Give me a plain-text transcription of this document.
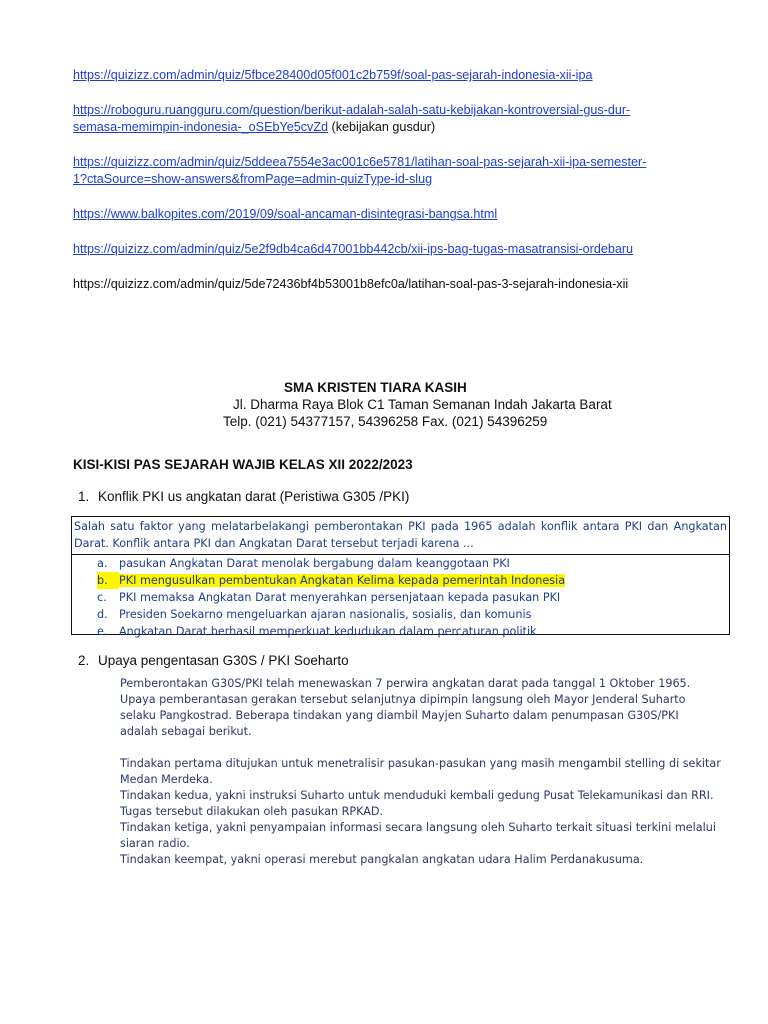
https://quizizz.com/admin/quiz/5fbce28400d05f001c2b759f/soal-pas-sejarah-indonesia-xii-ipa

https://roboguru.ruangguru.com/question/berikut-adalah-salah-satu-kebijakan-kontroversial-gus-dur-
semasa-memimpin-indonesia-_oSEbYe5cvZd (kebijakan gusdur)

https://quizizz.com/admin/quiz/5ddeea7554e3ac001c6e5781/latihan-soal-pas-sejarah-xii-ipa-semester-
1?ctaSource=show-answers&fromPage=admin-quizType-id-slug

https://www.balkopites.com/2019/09/soal-ancaman-disintegrasi-bangsa.html

https://quizizz.com/admin/quiz/5e2f9db4ca6d47001bb442cb/xii-ips-bag-tugas-masatransisi-ordebaru

https://quizizz.com/admin/quiz/5de72436bf4b53001b8efc0a/latihan-soal-pas-3-sejarah-indonesia-xii

SMA KRISTEN TIARA KASIH
Jl. Dharma Raya Blok C1 Taman Semanan Indah Jakarta Barat
Telp. (021) 54377157, 54396258 Fax. (021) 54396259
KISI-KISI PAS SEJARAH WAJIB KELAS XII 2022/2023
1. Konflik PKI us angkatan darat (Peristiwa G305 /PKI)
Salah satu faktor yang melatarbelakangi pemberontakan PKI pada 1965 adalah konflik antara PKI dan Angkatan Darat. Konflik antara PKI dan Angkatan Darat tersebut terjadi karena ...
a. pasukan Angkatan Darat menolak bergabung dalam keanggotaan PKI
b. PKI mengusulkan pembentukan Angkatan Kelima kepada pemerintah Indonesia
c. PKI memaksa Angkatan Darat menyerahkan persenjataan kepada pasukan PKI
d. Presiden Soekarno mengeluarkan ajaran nasionalis, sosialis, dan komunis
e. Angkatan Darat berhasil memperkuat kedudukan dalam percaturan politik
2. Upaya pengentasan G30S / PKI Soeharto

Pemberontakan G30S/PKI telah menewaskan 7 perwira angkatan darat pada tanggal 1 Oktober 1965.

Upaya pemberantasan gerakan tersebut selanjutnya dipimpin langsung oleh Mayor Jenderal Suharto

selaku Pangkostrad. Beberapa tindakan yang diambil Mayjen Suharto dalam penumpasan G30S/PKI

adalah sebagai berikut.

Tindakan pertama ditujukan untuk menetralisir pasukan-pasukan yang masih mengambil stelling di sekitar

Medan Merdeka.

Tindakan kedua, yakni instruksi Suharto untuk menduduki kembali gedung Pusat Telekamunikasi dan RRI.

Tugas tersebut dilakukan oleh pasukan RPKAD.

Tindakan ketiga, yakni penyampaian informasi secara langsung oleh Suharto terkait situasi terkini melalui

siaran radio.

Tindakan keempat, yakni operasi merebut pangkalan angkatan udara Halim Perdanakusuma.
